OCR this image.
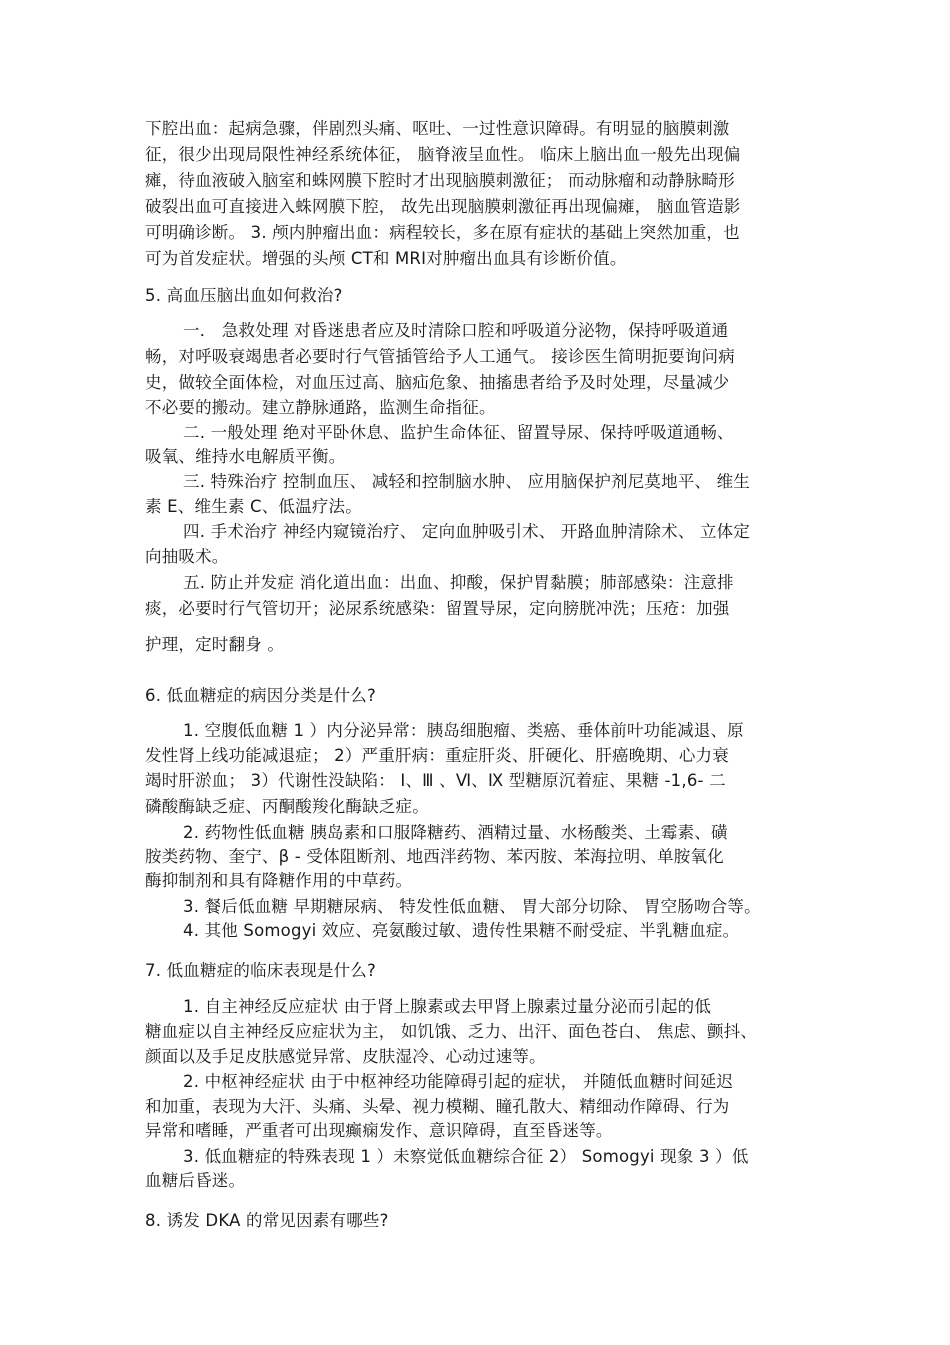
下腔出血：起病急骤，伴剧烈头痛、呕吐、一过性意识障碍。有明显的脑膜刺激
征，很少出现局限性神经系统体征， 脑脊液呈血性。 临床上脑出血一般先出现偏
瘫，待血液破入脑室和蛛网膜下腔时才出现脑膜刺激征； 而动脉瘤和动静脉畸形
破裂出血可直接进入蛛网膜下腔， 故先出现脑膜刺激征再出现偏瘫， 脑血管造影
可明确诊断。 3. 颅内肿瘤出血：病程较长，多在原有症状的基础上突然加重，也
可为首发症状。增强的头颅 CT和 MRI对肿瘤出血具有诊断价值。
5. 高血压脑出血如何救治?
一． 急救处理 对昏迷患者应及时清除口腔和呼吸道分泌物，保持呼吸道通
畅，对呼吸衰竭患者必要时行气管插管给予人工通气。 接诊医生简明扼要询问病
史，做较全面体检，对血压过高、脑疝危象、抽搐患者给予及时处理，尽量减少
不必要的搬动。建立静脉通路，监测生命指征。
二. 一般处理 绝对平卧休息、监护生命体征、留置导尿、保持呼吸道通畅、
吸氧、维持水电解质平衡。
三. 特殊治疗 控制血压、 减轻和控制脑水肿、 应用脑保护剂尼莫地平、 维生
素 E、维生素 C、低温疗法。
四. 手术治疗 神经内窥镜治疗、 定向血肿吸引术、 开路血肿清除术、 立体定
向抽吸术。
五. 防止并发症 消化道出血：出血、抑酸，保护胃黏膜；肺部感染：注意排
痰，必要时行气管切开；泌尿系统感染：留置导尿，定向膀胱冲洗；压疮：加强
护理，定时翻身 。
6. 低血糖症的病因分类是什么?
1. 空腹低血糖 1 ）内分泌异常：胰岛细胞瘤、类癌、垂体前叶功能减退、原
发性肾上线功能减退症； 2）严重肝病：重症肝炎、肝硬化、肝癌晚期、心力衰
竭时肝淤血； 3）代谢性没缺陷： Ⅰ、Ⅲ 、Ⅵ、Ⅸ 型糖原沉着症、果糖 -1,6- 二
磷酸酶缺乏症、丙酮酸羧化酶缺乏症。
2. 药物性低血糖 胰岛素和口服降糖药、酒精过量、水杨酸类、土霉素、磺
胺类药物、奎宁、β - 受体阻断剂、地西泮药物、苯丙胺、苯海拉明、单胺氧化
酶抑制剂和具有降糖作用的中草药。
3. 餐后低血糖 早期糖尿病、 特发性低血糖、 胃大部分切除、 胃空肠吻合等。
4. 其他 Somogyi 效应、亮氨酸过敏、遗传性果糖不耐受症、半乳糖血症。
7. 低血糖症的临床表现是什么?
1. 自主神经反应症状 由于肾上腺素或去甲肾上腺素过量分泌而引起的低
糖血症以自主神经反应症状为主， 如饥饿、乏力、出汗、面色苍白、 焦虑、颤抖、
颜面以及手足皮肤感觉异常、皮肤湿冷、心动过速等。
2. 中枢神经症状 由于中枢神经功能障碍引起的症状， 并随低血糖时间延迟
和加重，表现为大汗、头痛、头晕、视力模糊、瞳孔散大、精细动作障碍、行为
异常和嗜睡，严重者可出现癫痫发作、意识障碍，直至昏迷等。
3. 低血糖症的特殊表现 1 ）未察觉低血糖综合征 2） Somogyi 现象 3 ）低
血糖后昏迷。
8. 诱发 DKA 的常见因素有哪些?
